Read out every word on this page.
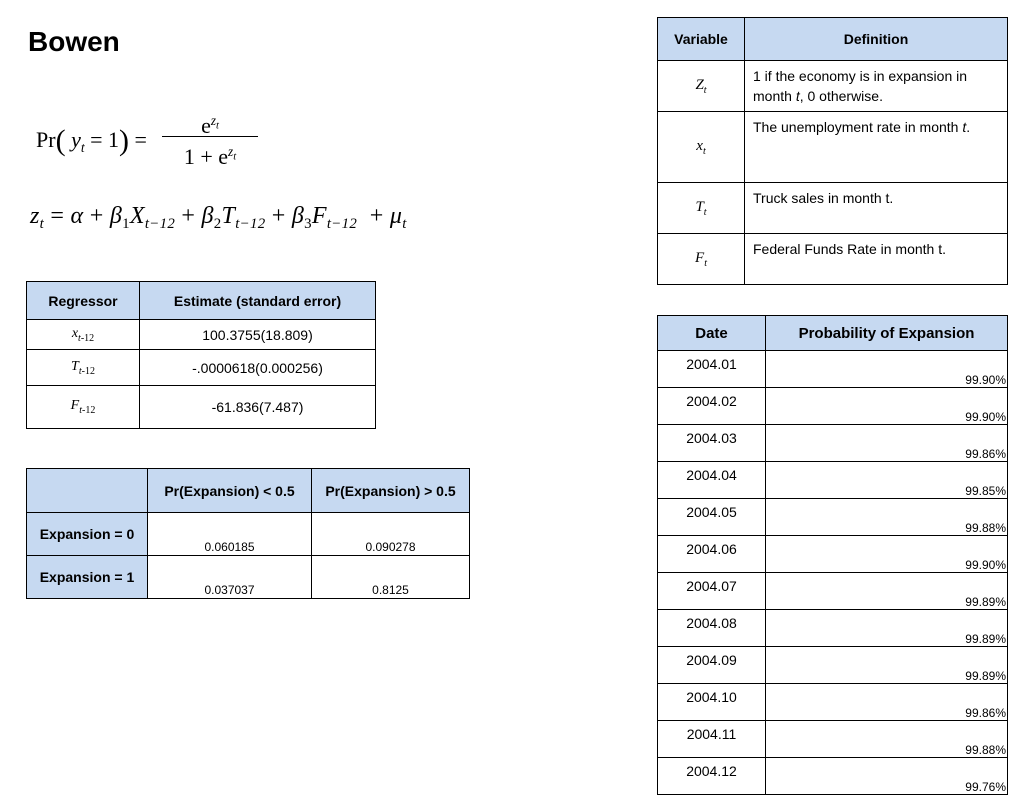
Bowen
Pr( $y_t = 1$) =
$e^{z_t}$
$1 + e^{z_t}$
$z_t = \alpha + \beta_1X_{t-12} + \beta_2T_{t-12} + \beta_3F_{t-12} + \mu_t$
Regressor	Estimate (standard error)
$x_{t-12}$	100.3755(18.809)
$T_{t-12}$	-.0000618(0.000256)
$F_{t-12}$	-61.836(7.487)
	Pr(Expansion) < 0.5	Pr(Expansion) > 0.5
Expansion = 0	0.060185	0.090278
Expansion = 1	0.037037	0.8125
Variable	Definition
$Z_t$	1 if the economy is in expansion in month t, 0 otherwise.
$x_t$	The unemployment rate in month t.
$T_t$	Truck sales in month t.
$F_t$	Federal Funds Rate in month t.
Date	Probability of Expansion
2004.01	99.90%
2004.02	99.90%
2004.03	99.86%
2004.04	99.85%
2004.05	99.88%
2004.06	99.90%
2004.07	99.89%
2004.08	99.89%
2004.09	99.89%
2004.10	99.86%
2004.11	99.88%
2004.12	99.76%
